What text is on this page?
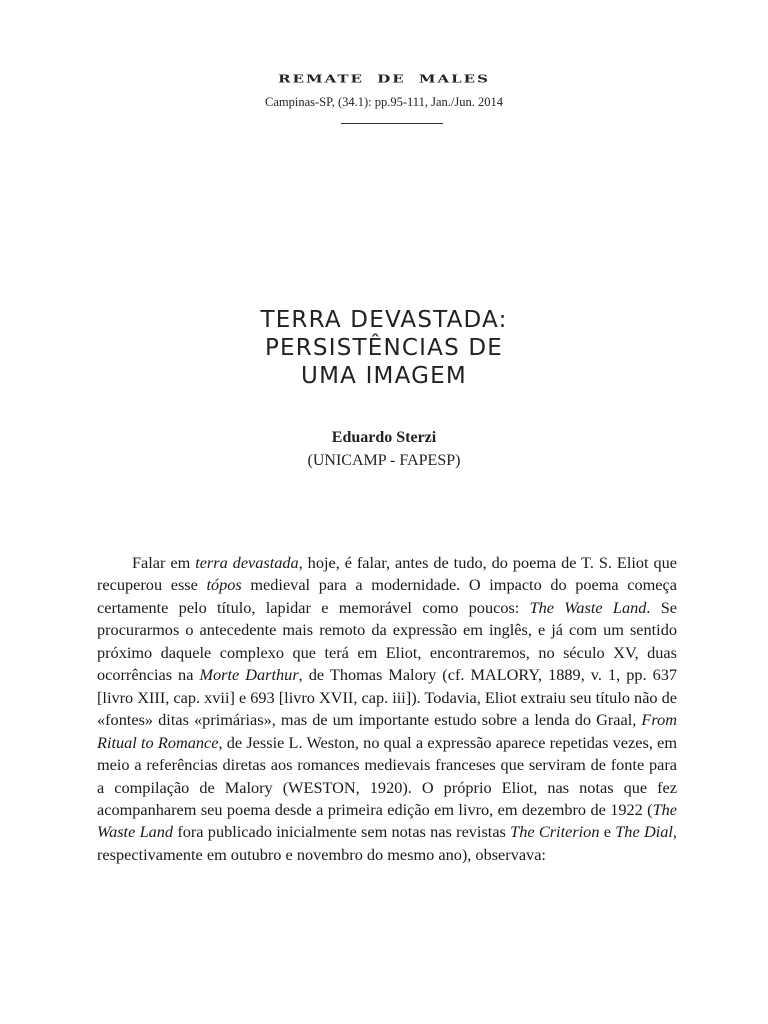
REMATE DE MALES
Campinas-SP, (34.1): pp.95-111, Jan./Jun. 2014
TERRA DEVASTADA:
PERSISTÊNCIAS DE
UMA IMAGEM
Eduardo Sterzi
(UNICAMP - FAPESP)

Falar em terra devastada, hoje, é falar, antes de tudo, do poema de T. S. Eliot que recuperou esse tópos medieval para a modernidade. O impacto do poema começa certamente pelo título, lapidar e memorável como poucos: The Waste Land. Se procurarmos o antecedente mais remoto da expressão em inglês, e já com um sentido próximo daquele complexo que terá em Eliot, encontraremos, no século XV, duas ocorrências na Morte Darthur, de Thomas Malory (cf. MALORY, 1889, v. 1, pp. 637 [livro XIII, cap. xvii] e 693 [livro XVII, cap. iii]). Todavia, Eliot extraiu seu título não de «fontes» ditas «primárias», mas de um importante estudo sobre a lenda do Graal, From Ritual to Romance, de Jessie L. Weston, no qual a expressão aparece repetidas vezes, em meio a referências diretas aos romances medievais franceses que serviram de fonte para a compilação de Malory (WESTON, 1920). O próprio Eliot, nas notas que fez acompanharem seu poema desde a primeira edição em livro, em dezembro de 1922 (The Waste Land fora publicado inicialmente sem notas nas revistas The Criterion e The Dial, respectivamente em outubro e novembro do mesmo ano), observava:
